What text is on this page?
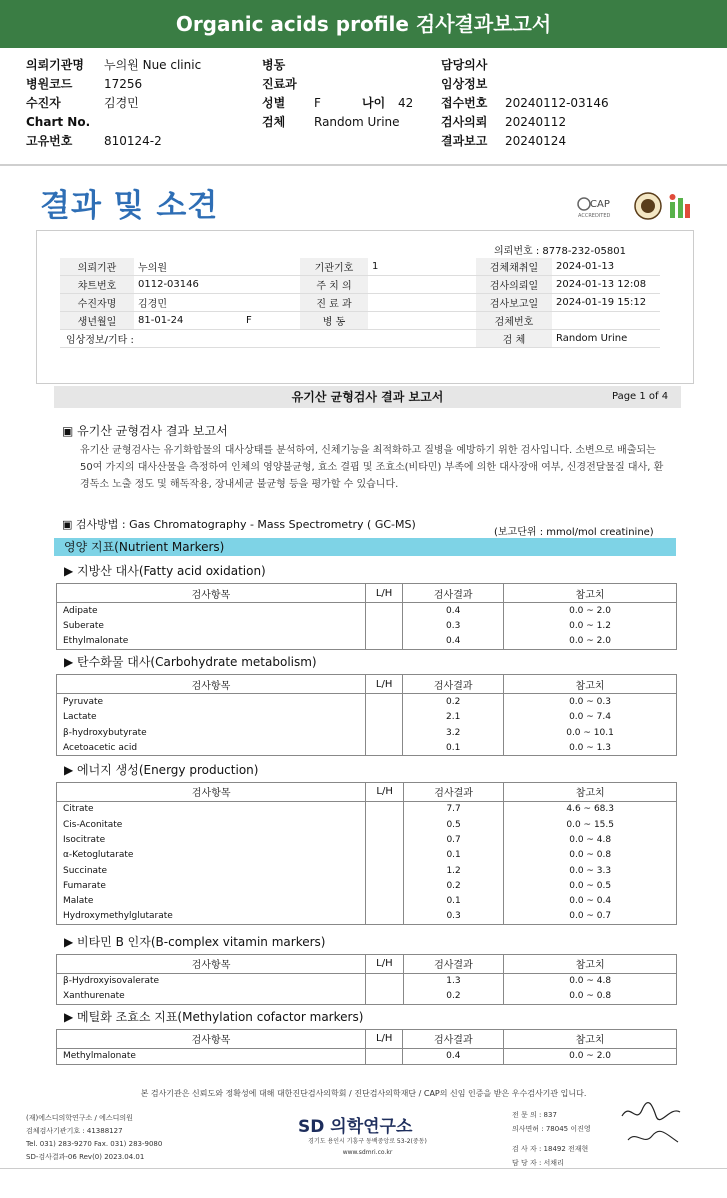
Organic acids profile 검사결과보고서
의뢰기관명 누의원 Nue clinic
병원코드	17256
수진자	김경민
Chart No.
고유번호	810124-2
병동
진료과
성별 F	나이 42
검체 Random Urine
담당의사
임상정보
접수번호 20240112-03146
검사의뢰 20240112
결과보고 20240124
결과 및 소견	CAP
ACCREDITED
의뢰번호 : 8778-232-05801
의뢰기관	누의원		기관기호	1	검체채취일	2024-01-13
챠트번호	0112-03146		주 치 의		검사의뢰일	2024-01-13 12:08
수진자명	김경민		진 료 과		검사보고일	2024-01-19 15:12
생년월일	81-01-24	F	병 동		검체번호	
임상정보/기타 :					검 체	Random Urine
유기산 균형검사 결과 보고서	Page 1 of 4
▣ 유기산 균형검사 결과 보고서
유기산 균형검사는 유기화합물의 대사상태를 분석하여, 신체기능을 최적화하고 질병을 예방하기 위한 검사입니다. 소변으로 배출되는 50여 가지의 대사산물을 측정하여 인체의 영양불균형, 효소 결핍 및 조효소(비타민) 부족에 의한 대사장애 여부, 신경전달물질 대사, 환경독소 노출 정도 및 해독작용, 장내세균 불균형 등을 평가할 수 있습니다.
▣ 검사방법 : Gas Chromatography - Mass Spectrometry ( GC-MS)
(보고단위 : mmol/mol creatinine)
영양 지표(Nutrient Markers)
▶ 지방산 대사(Fatty acid oxidation)
검사항목	L/H	검사결과	참고치
Adipate		0.4	0.0 ~ 2.0
Suberate		0.3	0.0 ~ 1.2
Ethylmalonate		0.4	0.0 ~ 2.0
▶ 탄수화물 대사(Carbohydrate metabolism)
검사항목	L/H	검사결과	참고치
Pyruvate		0.2	0.0 ~ 0.3
Lactate		2.1	0.0 ~ 7.4
β-hydroxybutyrate		3.2	0.0 ~ 10.1
Acetoacetic acid		0.1	0.0 ~ 1.3
▶ 에너지 생성(Energy production)
검사항목	L/H	검사결과	참고치
Citrate		7.7	4.6 ~ 68.3
Cis-Aconitate		0.5	0.0 ~ 15.5
Isocitrate		0.7	0.0 ~ 4.8
α-Ketoglutarate		0.1	0.0 ~ 0.8
Succinate		1.2	0.0 ~ 3.3
Fumarate		0.2	0.0 ~ 0.5
Malate		0.1	0.0 ~ 0.4
Hydroxymethylglutarate		0.3	0.0 ~ 0.7
▶ 비타민 B 인자(B-complex vitamin markers)
검사항목	L/H	검사결과	참고치
β-Hydroxyisovalerate		1.3	0.0 ~ 4.8
Xanthurenate		0.2	0.0 ~ 0.8
▶ 메틸화 조효소 지표(Methylation cofactor markers)
검사항목	L/H	검사결과	참고치
Methylmalonate		0.4	0.0 ~ 2.0
본 검사기관은 신뢰도와 정확성에 대해 대한진단검사의학회 / 진단검사의학재단 / CAP의 신임 인증을 받은 우수검사기관 입니다.
(재)에스디의학연구소 / 에스디의원
검체검사기관기호 : 41388127
Tel. 031) 283-9270 Fax. 031) 283-9080
SD-검사결과-06 Rev(0) 2023.04.01
SD 의학연구소
경기도 용인시 기흥구 동백중앙로 53-2(중동)
www.sdmri.co.kr
전 문 의 : 837
의사면허 : 78045 이진영
검 사 자 : 18492 전재현
담 당 자 : 서채리
